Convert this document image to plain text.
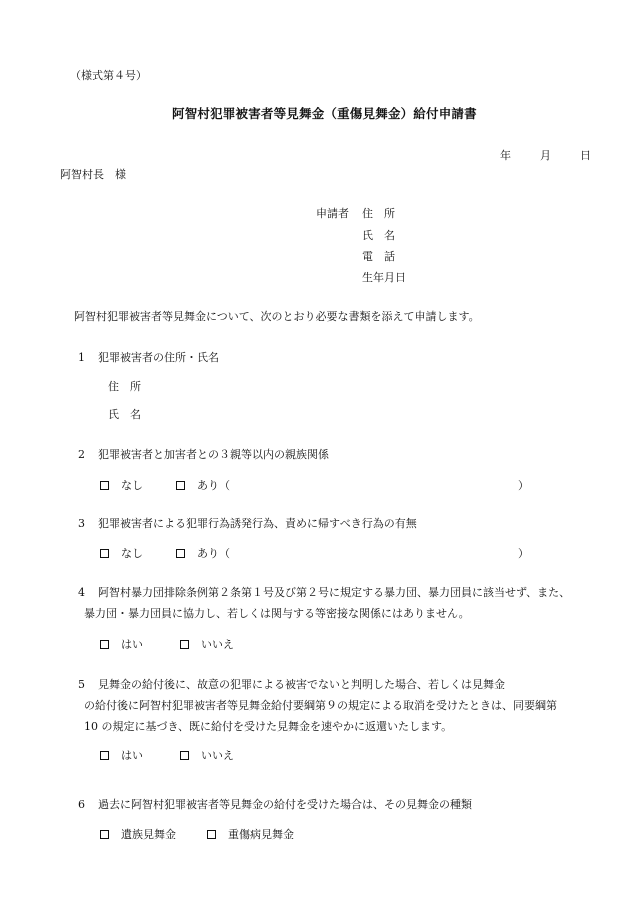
（様式第４号）
阿智村犯罪被害者等見舞金（重傷見舞金）給付申請書
年	月	日
阿智村長　様
申請者 住　所
氏　名
電　話
生年月日
阿智村犯罪被害者等見舞金について、次のとおり必要な書類を添えて申請します。
1 犯罪被害者の住所・氏名
住　所
氏　名
2 犯罪被害者と加害者との３親等以内の親族関係
なし	あり（	）
3 犯罪被害者による犯罪行為誘発行為、責めに帰すべき行為の有無
なし	あり（	）
4 阿智村暴力団排除条例第２条第１号及び第２号に規定する暴力団、暴力団員に該当せず、また、
暴力団・暴力団員に協力し、若しくは関与する等密接な関係にはありません。
はい	いいえ
5 見舞金の給付後に、故意の犯罪による被害でないと判明した場合、若しくは見舞金
の給付後に阿智村犯罪被害者等見舞金給付要綱第９の規定による取消を受けたときは、同要綱第
10 の規定に基づき、既に給付を受けた見舞金を速やかに返還いたします。
はい	いいえ
6 過去に阿智村犯罪被害者等見舞金の給付を受けた場合は、その見舞金の種類
遺族見舞金	重傷病見舞金
